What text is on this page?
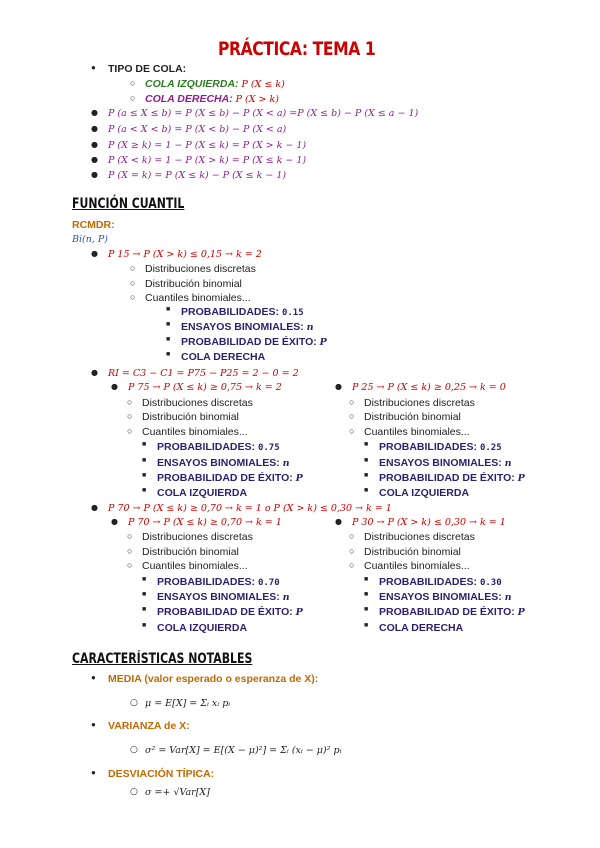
PRÁCTICA: TEMA 1
● TIPO DE COLA:
○ COLA IZQUIERDA: P (X ≤ k)
○ COLA DERECHA: P (X > k)
● P (a ≤ X ≤ b) = P (X ≤ b) − P (X < a) =P (X ≤ b) − P (X ≤ a − 1)
● P (a < X < b) = P (X < b) − P (X < a)
● P (X ≥ k) = 1 − P (X ≤ k) = P (X > k − 1)
● P (X < k) = 1 − P (X > k) = P (X ≤ k − 1)
● P (X = k) = P (X ≤ k) − P (X ≤ k − 1)
FUNCIÓN CUANTIL
RCMDR:
Bi(n, P)
● P 15 → P (X > k) ≤ 0,15 → k = 2
○ Distribuciones discretas
○ Distribución binomial
○ Cuantiles binomiales...
■ PROBABILIDADES: 0.15
■ ENSAYOS BINOMIALES: n
■ PROBABILIDAD DE ÉXITO: P
■ COLA DERECHA
● RI = C3 − C1 = P75 − P25 = 2 − 0 = 2
● P 75 → P (X ≤ k) ≥ 0,75 → k = 2	● P 25 → P (X ≤ k) ≥ 0,25 → k = 0
○ Distribuciones discretas
○ Distribución binomial
○ Cuantiles binomiales...
○ Distribuciones discretas
○ Distribución binomial
○ Cuantiles binomiales...
■ PROBABILIDADES: 0.75
■ ENSAYOS BINOMIALES: n
■ PROBABILIDAD DE ÉXITO: P
■ COLA IZQUIERDA
■ PROBABILIDADES: 0.25
■ ENSAYOS BINOMIALES: n
■ PROBABILIDAD DE ÉXITO: P
■ COLA IZQUIERDA
● P 70 → P (X ≤ k) ≥ 0,70 → k = 1 o P (X > k) ≤ 0,30 → k = 1
● P 70 → P (X ≤ k) ≥ 0,70 → k = 1	● P 30 → P (X > k) ≤ 0,30 → k = 1
○ Distribuciones discretas
○ Distribución binomial
○ Cuantiles binomiales...
○ Distribuciones discretas
○ Distribución binomial
○ Cuantiles binomiales...
■ PROBABILIDADES: 0.70
■ ENSAYOS BINOMIALES: n
■ PROBABILIDAD DE ÉXITO: P
■ COLA IZQUIERDA
■ PROBABILIDADES: 0.30
■ ENSAYOS BINOMIALES: n
■ PROBABILIDAD DE ÉXITO: P
■ COLA DERECHA
CARACTERÍSTICAS NOTABLES
● MEDIA (valor esperado o esperanza de X):
○ μ = E[X] = Σᵢ xᵢ pᵢ
● VARIANZA de X:
○ σ² = Var[X] = E[(X − μ)²] = Σᵢ (xᵢ − μ)² pᵢ
● DESVIACIÓN TÍPICA:
○ σ =+ √Var[X]
